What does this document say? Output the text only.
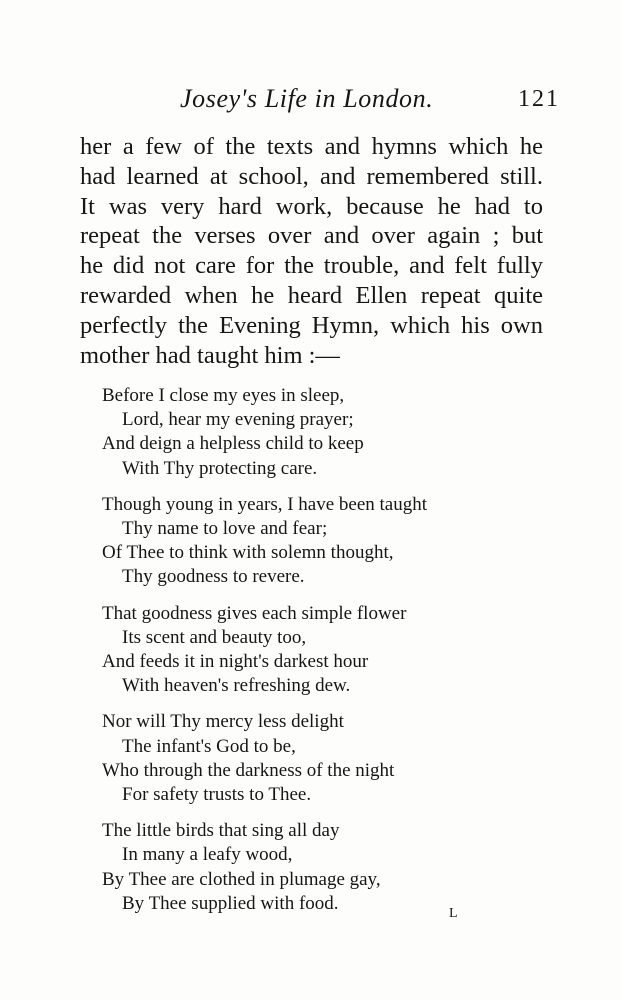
Josey's Life in London.	121
her a few of the texts and hymns which he
had learned at school, and remembered still.
It was very hard work, because he had to
repeat the verses over and over again ; but
he did not care for the trouble, and felt fully
rewarded when he heard Ellen repeat quite
perfectly the Evening Hymn, which his own
mother had taught him :—
Before I close my eyes in sleep,
Lord, hear my evening prayer;
And deign a helpless child to keep
With Thy protecting care.
Though young in years, I have been taught
Thy name to love and fear;
Of Thee to think with solemn thought,
Thy goodness to revere.
That goodness gives each simple flower
Its scent and beauty too,
And feeds it in night's darkest hour
With heaven's refreshing dew.
Nor will Thy mercy less delight
The infant's God to be,
Who through the darkness of the night
For safety trusts to Thee.
The little birds that sing all day
In many a leafy wood,
By Thee are clothed in plumage gay,
By Thee supplied with food.	L
